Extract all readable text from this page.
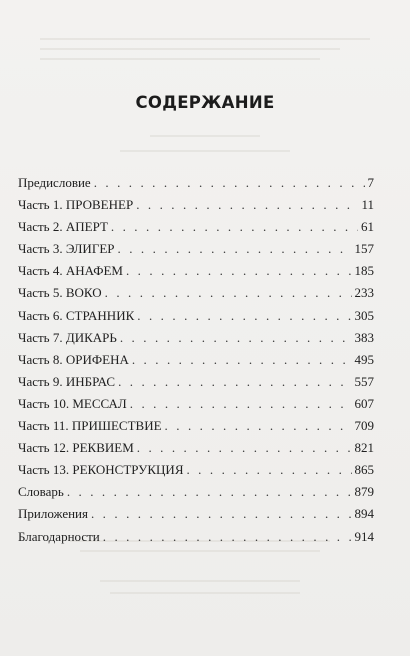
СОДЕРЖАНИЕ
Предисловие . . .	7
Часть 1. ПРОВЕНЕР . . .	11
Часть 2. АПЕРТ . . .	61
Часть 3. ЭЛИГЕР . . .	157
Часть 4. АНАФЕМ . . .	185
Часть 5. ВОКО . . .	233
Часть 6. СТРАННИК . . .	305
Часть 7. ДИКАРЬ . . .	383
Часть 8. ОРИФЕНА . . .	495
Часть 9. ИНБРАС . . .	557
Часть 10. МЕССАЛ . . .	607
Часть 11. ПРИШЕСТВИЕ . . .	709
Часть 12. РЕКВИЕМ . . .	821
Часть 13. РЕКОНСТРУКЦИЯ . . .	865
Словарь . . .	879
Приложения . . .	894
Благодарности . . .	914
